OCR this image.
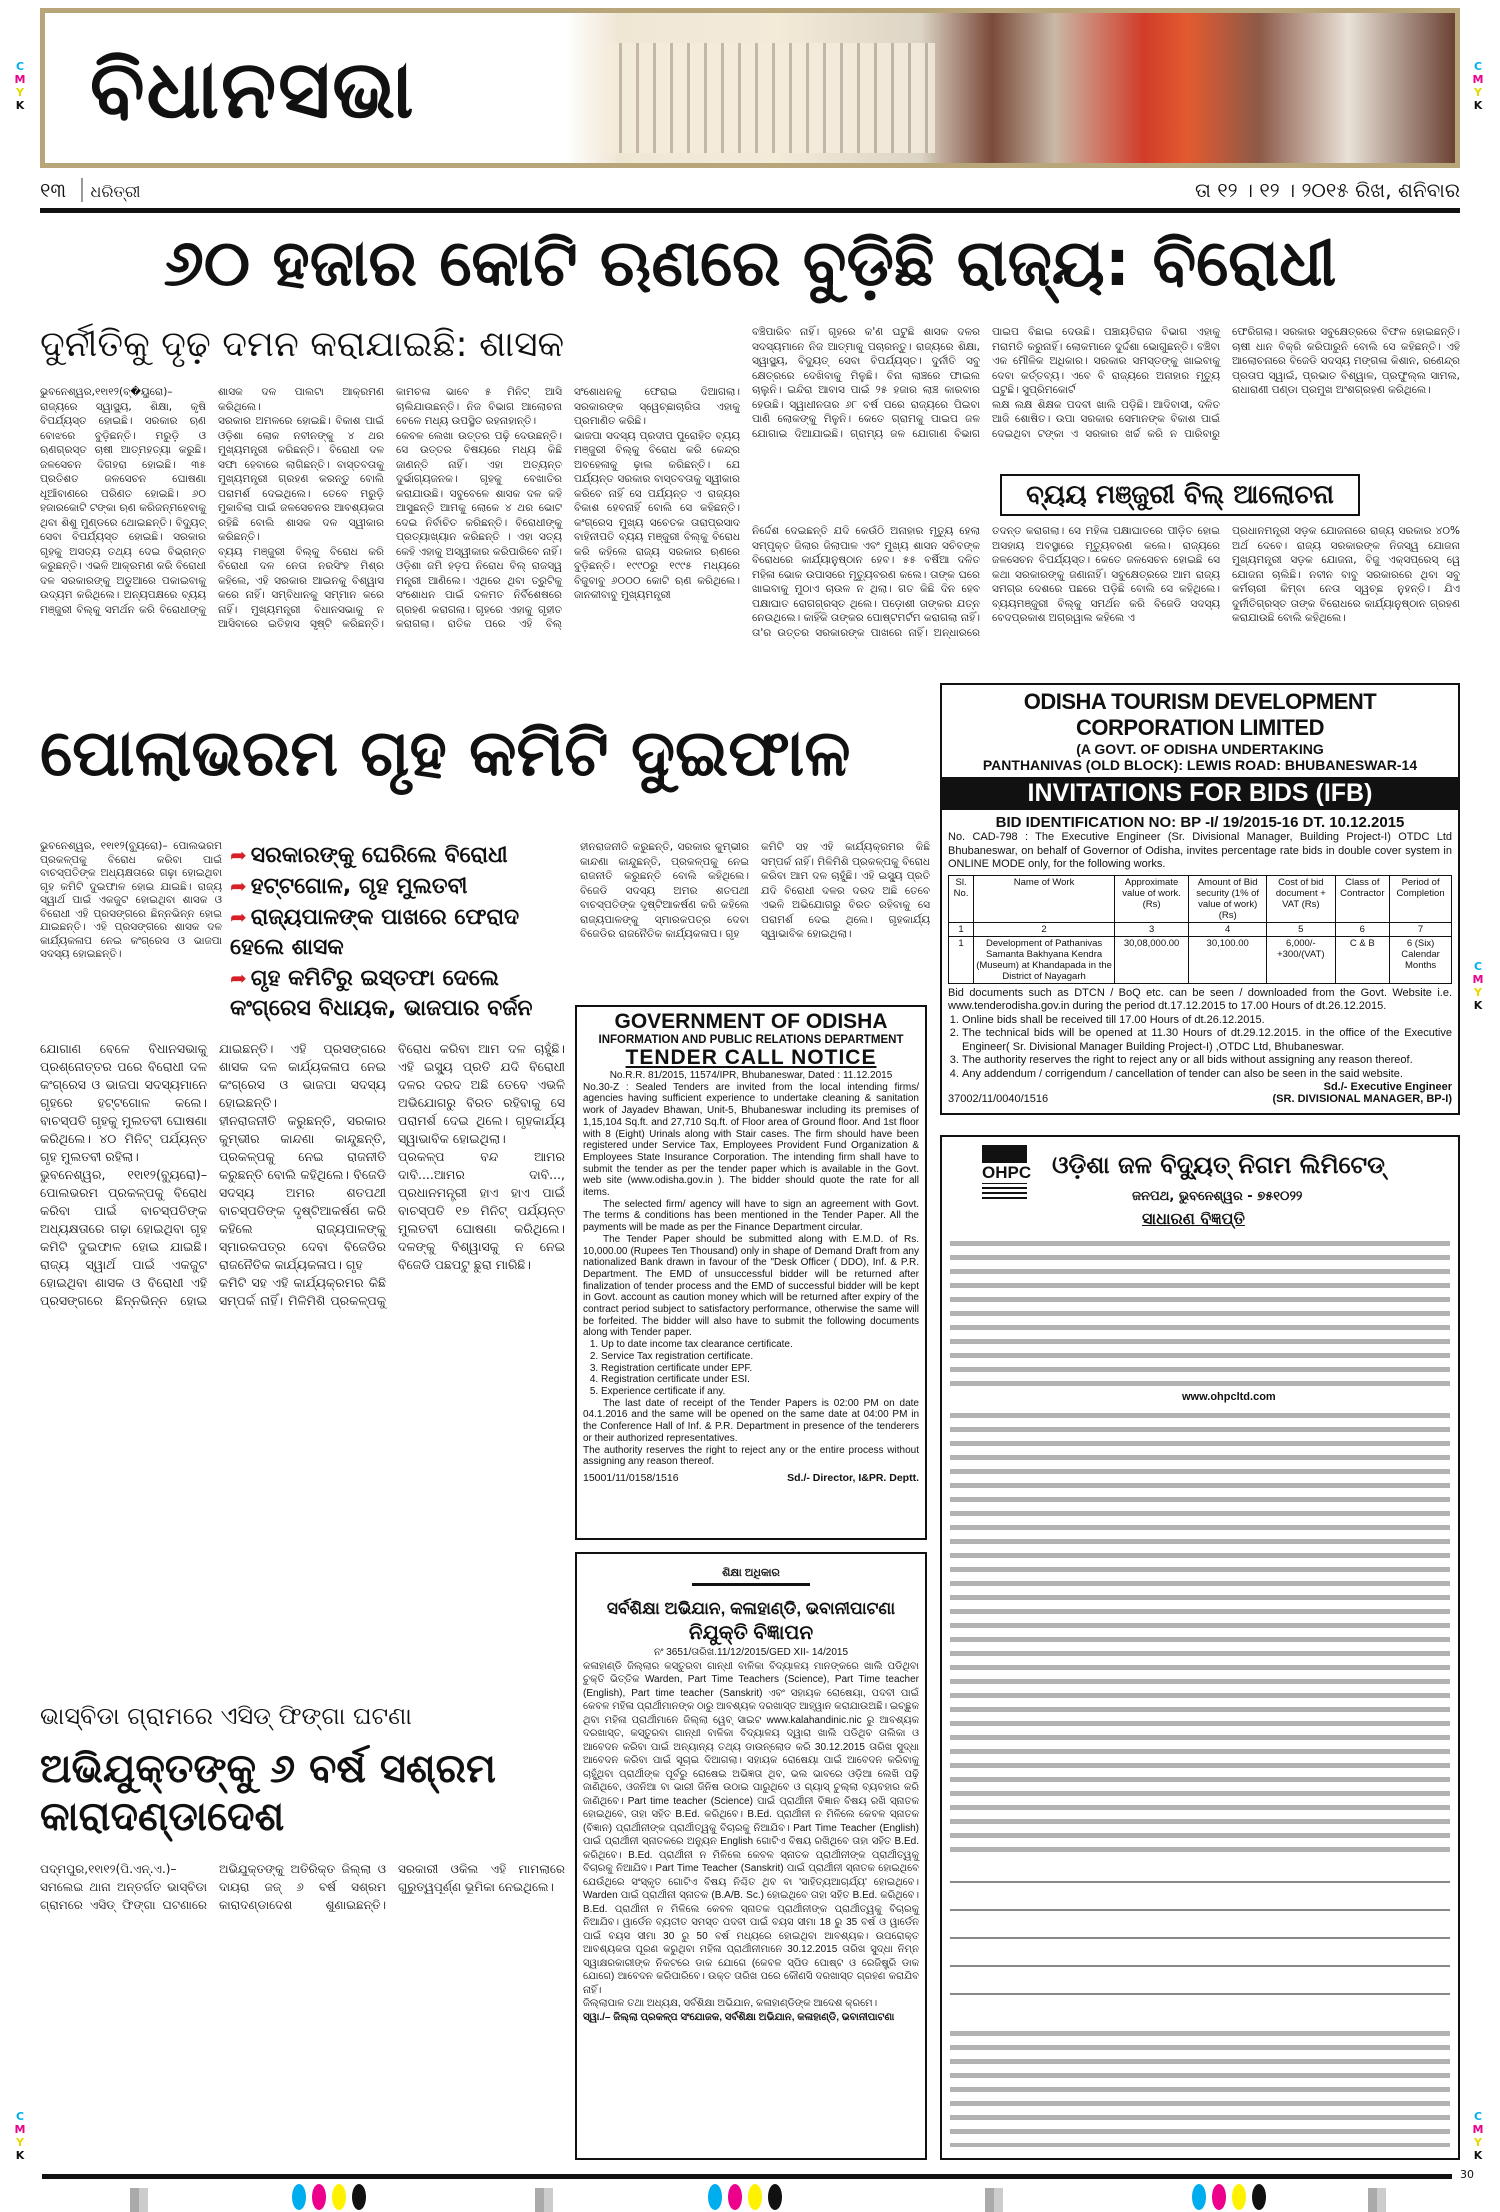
ବିଧାନସଭା
୧୩ ଧରିତ୍ରୀ	ତା ୧୨ । ୧୨ । ୨୦୧୫ ରିଖ, ଶନିବାର
୬୦ ହଜାର କୋଟି ଋଣରେ ବୁଡ଼ିଛି ରାଜ୍ୟ: ବିରୋଧୀ
ଦୁର୍ନୀତିକୁ ଦୃଢ଼ ଦମନ କରାଯାଇଛି: ଶାସକ

ଭୁବନେଶ୍ୱର,୧୧ା୧୨(ବ୍�ୟୁରୋ)–ରାଜ୍ୟରେ ସ୍ୱାସ୍ଥ୍ୟ, ଶିକ୍ଷା, କୃଷି ବିପର୍ଯ୍ୟସ୍ତ ହୋଇଛି। ସରକାର ଋଣ ବୋଝରେ ବୁଡ଼ିଛନ୍ତି। ମରୁଡ଼ି ଓ ଋଣଗ୍ରସ୍ତ ଚାଷୀ ଆତ୍ମହତ୍ୟା କରୁଛି। ଜଳସେଚନ ଦିଗହରା ହୋଇଛି। ୩୫ ପ୍ରତିଶତ ଜଳସେଚନ ଘୋଷଣା ଧୂଆଁବାଣରେ ପରିଣତ ହୋଇଛି। ୬୦ ହଜାରକୋଟି ଟଙ୍କା ଋଣ କରିଜନ୍ମହେବାକୁ ଥିବା ଶିଶୁ ମୁଣ୍ଡରେ ଥୋଇଛନ୍ତି। ବିଦ୍ୟୁତ୍ ସେବା ବିପର୍ଯ୍ୟସ୍ତ ହୋଇଛି। ସରକାର ଗୃହକୁ ଅସତ୍ୟ ତଥ୍ୟ ଦେଇ ବିଭ୍ରାନ୍ତ କରୁଛନ୍ତି। ଏଭଳି ଆକ୍ରମଣ କରି ବିରୋଧୀ ଦଳ ସରକାରଙ୍କୁ ଅଡୁଆରେ ପକାଇବାକୁ ଉଦ୍ୟମ କରିଥିଲେ। ଅନ୍ୟପକ୍ଷରେ ବ୍ୟୟ ମଞ୍ଜୁରୀ ବିଲ୍‌କୁ ସମର୍ଥନ କରି ବିରୋଧୀଙ୍କୁ ଶାସକ ଦଳ ପାଲଟା ଆକ୍ରମଣ କରିଥିଲେ।

ସରକାର ଅମଳରେ ହୋଇଛି। ବିକାଶ ପାଇଁ ଓଡ଼ିଶା ଲୋକ ନବୀନଙ୍କୁ ୪ ଥର ମୁଖ୍ୟମନ୍ତ୍ରୀ କରିଛନ୍ତି। ବିରୋଧୀ ଦଳ ସଫା ହେବାରେ ଲାଗିଛନ୍ତି। ବାସ୍ତବତାକୁ ମୁଖ୍ୟମନ୍ତ୍ରୀ ଗ୍ରହଣ କରନ୍ତୁ ବୋଲି ପରାମର୍ଶ ଦେଇଥିଲେ। ତେବେ ମରୁଡ଼ି ମୁକାବିଲା ପାଇଁ ଜଳସେଚନର ଆବଶ୍ୟକତା ରହିଛି ବୋଲି ଶାସକ ଦଳ ସ୍ୱୀକାର କରିଛନ୍ତି।

ବ୍ୟୟ ମଞ୍ଜୁରୀ ବିଲ୍‌କୁ ବିରୋଧ କରି ବିରୋଧୀ ଦଳ ନେତା ନରସିଂହ ମିଶ୍ର କହିଲେ, ଏହି ସରକାର ଆଇନକୁ ବିଶ୍ୱାସ କରେ ନାହିଁ। ସମ୍ବିଧାନକୁ ସମ୍ମାନ କରେ ନାହିଁ। ମୁଖ୍ୟମନ୍ତ୍ରୀ ବିଧାନସଭାକୁ ନ ଆସିବାରେ ଇତିହାସ ସୃଷ୍ଟି କରିଛନ୍ତି। କାମଚଳା ଭାବେ ୫ ମିନିଟ୍ ଆସି ଚାଲିଯାଉଛନ୍ତି। ନିଜ ବିଭାଗ ଆଲୋଚନା ବେଳେ ମଧ୍ୟ ଉପସ୍ଥିତ ରହନାହାନ୍ତି।

କେବଳ ଲେଖା ଉତ୍ତର ପଢ଼ି ଦେଉଛନ୍ତି। ସେ ଉତ୍ତର ବିଷୟରେ ମଧ୍ୟ କିଛି ଜାଣନ୍ତି ନାହିଁ। ଏହା ଅତ୍ୟନ୍ତ ଦୁର୍ଭାଗ୍ୟଜନକ। ଗୃହକୁ ବେଖାତିର କରାଯାଉଛି। ସବୁବେଳେ ଶାସକ ଦଳ କହି ଆସୁଛନ୍ତି ଆମକୁ ଲୋକେ ୪ ଥର ଭୋଟ ଦେଇ ନିର୍ବାଚିତ କରିଛନ୍ତି। ବିରୋଧୀଙ୍କୁ ପ୍ରତ୍ୟାଖ୍ୟାନ କରିଛନ୍ତି । ଏହା ସତ୍ୟ କେହି ଏହାକୁ ଅସ୍ୱୀକାର କରିପାରିବେ ନାହିଁ। ଓଡ଼ିଶା ଜମି ହଡ଼ପ ନିରୋଧ ବିଲ୍ ରାଜସ୍ୱ ମନ୍ତ୍ରୀ ଆଣିଲେ। ଏଥିରେ ଥିବା ତ୍ରୁଟିକୁ ସଂଶୋଧନ ପାଇଁ ଦଳମତ ନିର୍ବିଶେଷରେ ଗ୍ରହଣ କରାଗଲା। ଗୃହରେ ଏହାକୁ ଗୃହୀତ କରାଗଲା। ରାତିକ ପରେ ଏହି ବିଲ୍ ସଂଶୋଧନକୁ ଫେରାଇ ଦିଆଗଲା। ସରକାରଙ୍କ ସ୍ୱେଚ୍ଛାଚାରିତା ଏହାକୁ ପ୍ରମାଣିତ କରିଛି।

ଭାଜପା ସଦସ୍ୟ ପ୍ରଦୀପ ପୁରୋହିତ ବ୍ୟୟ ମଞ୍ଜୁରୀ ବିଲ୍‌କୁ ବିରୋଧ କରି କେନ୍ଦ୍ର ଅବହେଳାକୁ ଢ଼ାଲ କରିଛନ୍ତି। ଯେ ପର୍ଯ୍ୟନ୍ତ ସରକାର ବାସ୍ତବତାକୁ ସ୍ୱୀକାର କରିବେ ନାହିଁ ସେ ପର୍ଯ୍ୟନ୍ତ ଏ ରାଜ୍ୟର ବିକାଶ ହେବନାହିଁ ବୋଲି ସେ କହିଛନ୍ତି। କଂଗ୍ରେସ ମୁଖ୍ୟ ସଚେତକ ତାରାପ୍ରସାଦ ବାହିନୀପତି ବ୍ୟୟ ମଞ୍ଜୁରୀ ବିଲ୍‌କୁ ବିରୋଧ କରି କହିଲେ ରାଜ୍ୟ ସରକାର ଋଣରେ ବୁଡ଼ିଛନ୍ତି। ୧୯୯୦ରୁ ୧୯୯୫ ମଧ୍ୟରେ ବିଜୁବାବୁ ୬୦୦୦ କୋଟି ଋଣ କରିଥିଲେ। ଜାନକୀବାବୁ ମୁଖ୍ୟମନ୍ତ୍ରୀ

ବଞ୍ଚିପାରିବ ନାହିଁ। ଗୃହରେ କ'ଣ ଘଟୁଛି ଶାସକ ଦଳର ସଦସ୍ୟମାନେ ନିଜ ଆତ୍ମାକୁ ପଚାରନ୍ତୁ। ରାଜ୍ୟରେ ଶିକ୍ଷା, ସ୍ୱାସ୍ଥ୍ୟ, ବିଦ୍ୟୁତ୍ ସେବା ବିପର୍ଯ୍ୟସ୍ତ। ଦୁର୍ନୀତି ସବୁ କ୍ଷେତ୍ରରେ ଦେଖିବାକୁ ମିଳୁଛି। ବିନା ଲାଞ୍ଚରେ ଫାଇଲ ଚାଲୁନି। ଇନ୍ଦିରା ଆବାସ ପାଇଁ ୨୫ ହଜାର ଲାଞ୍ଚ କାରବାର ହେଉଛି। ସ୍ୱାଧୀନତାର ୬୮ ବର୍ଷ ପରେ ରାଜ୍ୟରେ ପିଇବା ପାଣି ଲୋକଙ୍କୁ ମିଳୁନି। କେତେ ଗ୍ରାମକୁ ପାଇପ ଜଳ ଯୋଗାଇ ଦିଆଯାଇଛି। ଗ୍ରାମ୍ୟ ଜଳ ଯୋଗାଣ ବିଭାଗ ପାଇପ ବିଛାଇ ଦେଉଛି। ପଞ୍ଚାୟତିରାଜ ବିଭାଗ ଏହାକୁ ମରାମତି କରୁନାହିଁ। ଲୋକମାନେ ଦୁର୍ଦ୍ଦଶା ଭୋଗୁଛନ୍ତି। ବଞ୍ଚିବା ଏକ ମୌଳିକ ଅଧିକାର। ସରକାର ସମସ୍ତଙ୍କୁ ଖାଇବାକୁ ଦେବା କର୍ତ୍ତବ୍ୟ। ଏବେ ବି ରାଜ୍ୟରେ ଅନାହାର ମୃତ୍ୟୁ ଘଟୁଛି। ସୁପ୍ରିମକୋର୍ଟ

ଲକ୍ଷ ଲକ୍ଷ ଶିକ୍ଷକ ପଦବୀ ଖାଲି ପଡ଼ିଛି। ଆଦିବାସୀ, ଦଳିତ ଆଜି ଶୋଷିତ। ଉପା ସରକାର ସେମାନଙ୍କ ବିକାଶ ପାଇଁ ଦେଇଥିବା ଟଙ୍କା ଏ ସରକାର ଖର୍ଚ୍ଚ କରି ନ ପାରିବାରୁ ଫେରିଗଲା। ସରକାର ସବୁକ୍ଷେତ୍ରରେ ବିଫଳ ହୋଇଛନ୍ତି। ଚାଷୀ ଧାନ ବିକ୍ରି କରିପାରୁନି ବୋଲି ସେ କହିଛନ୍ତି। ଏହି ଆଲୋଚନାରେ ବିଜେଡି ସଦସ୍ୟ ମଙ୍ଗଳା କିଶାନ, ରଣେନ୍ଦ୍ର ପ୍ରତାପ ସ୍ୱାଇଁ, ପ୍ରଭାତ ବିଶ୍ୱାଳ, ପ୍ରଫୁଲ୍ଲ ସାମଲ, ରାଧାରାଣୀ ପଣ୍ଡା ପ୍ରମୁଖ ଅଂଶଗ୍ରହଣ କରିଥିଲେ।

ବ୍ୟୟ ମଞ୍ଜୁରୀ ବିଲ୍ ଆଲୋଚନା

ନିର୍ଦ୍ଦେଶ ଦେଇଛନ୍ତି ଯଦି କେଉଁଠି ଅନାହାର ମୃତ୍ୟୁ ହେଲା ସମ୍ପୃକ୍ତ ଜିଲାର ଜିଲାପାଳ ଏବଂ ମୁଖ୍ୟ ଶାସନ ସଚିବଙ୍କ ବିରୋଧରେ କାର୍ଯ୍ୟାନୁଷ୍ଠାନ ହେବ। ୫୫ ବର୍ଷିଆ ଦଳିତ ମହିଳା ଭୋକ ଉପାସରେ ମୃତ୍ୟୁବରଣ କଲେ। ତାଙ୍କ ଘରେ ଖାଇବାକୁ ମୁଠାଏ ଚାଉଳ ନ ଥିଲା। ଗତ କିଛି ଦିନ ହେବ ପକ୍ଷାଘାତ ରୋଗଗ୍ରସ୍ତ ଥିଲେ। ପଡ଼ୋଶୀ ତାଙ୍କର ଯତ୍ନ ନେଉଥିଲେ। କାହିଁକି ତାଙ୍କର ପୋଷ୍ଟମର୍ଟମ କରାଗଲା ନାହିଁ। ତା'ର ଉତ୍ତର ସରକାରଙ୍କ ପାଖରେ ନାହିଁ। ଅନ୍ଧାରରେ ତଦନ୍ତ କରାଗଲା। ସେ ମହିଳା ପକ୍ଷାଘାତରେ ପୀଡ଼ିତ ହୋଇ ଅସହାୟ ଅବସ୍ଥାରେ ମୃତ୍ୟୁବରଣ କଲେ। ରାଜ୍ୟରେ ଜଳସେଚନ ବିପର୍ଯ୍ୟସ୍ତ। କେତେ ଜଳସେଚନ ହୋଇଛି ସେ କଥା ସରକାରଙ୍କୁ ଜଣାନାହିଁ। ସବୁକ୍ଷେତ୍ରରେ ଆମ ରାଜ୍ୟ ସମଗ୍ର ଦେଶରେ ପଛରେ ପଡ଼ିଛି ବୋଲି ସେ କହିଥିଲେ। ବ୍ୟୟମଞ୍ଜୁରୀ ବିଲ୍‌କୁ ସମର୍ଥନ କରି ବିଜେଡି ସଦସ୍ୟ ବେଦପ୍ରକାଶ ଅଗ୍ରୱାଲ କହିଲେ ଏ

ପ୍ରଧାନମନ୍ତ୍ରୀ ସଡ଼କ ଯୋଜନାରେ ରାଜ୍ୟ ସରକାର ୪୦% ଅର୍ଥ ଦେବେ। ରାଜ୍ୟ ସରକାରଙ୍କ ନିଜସ୍ୱ ଯୋଜନା ମୁଖ୍ୟମନ୍ତ୍ରୀ ସଡ଼କ ଯୋଜନା, ବିଜୁ ଏକ୍ସପ୍ରେସ୍ ୱେ ଯୋଜନା ଚାଲିଛି। ନବୀନ ବାବୁ ସରକାରରେ ଥିବା ସବୁ କର୍ମଚାରୀ କିମ୍ବା ନେତା ସ୍ୱଚ୍ଛ ନୁହନ୍ତି। ଯିଏ ଦୁର୍ନୀତିଗ୍ରସ୍ତ ତାଙ୍କ ବିରୋଧରେ କାର୍ଯ୍ୟାନୁଷ୍ଠାନ ଗ୍ରହଣ କରାଯାଉଛି ବୋଲି କହିଥିଲେ।

ପୋଲାଭରମ ଗୃହ କମିଟି ଦୁଇଫାଳ
ଭୁବନେଶ୍ୱର, ୧୧ା୧୨(ବ୍ୟୁରୋ)– ପୋଲଭରମ ପ୍ରକଳ୍ପକୁ ବିରୋଧ କରିବା ପାଇଁ ବାଚସ୍ପତିଙ୍କ ଅଧ୍ୟକ୍ଷତାରେ ଗଢ଼ା ହୋଇଥିବା ଗୃହ କମିଟି ଦୁଇଫାଳ ହୋଇ ଯାଇଛି। ରାଜ୍ୟ ସ୍ୱାର୍ଥ ପାଇଁ ଏକଜୁଟ ହୋଇଥିବା ଶାସକ ଓ ବିରୋଧୀ ଏହି ପ୍ରସଙ୍ଗରେ ଛିନ୍ନଭିନ୍ନ ହୋଇ ଯାଇଛନ୍ତି। ଏହି ପ୍ରସଙ୍ଗରେ ଶାସକ ଦଳ କାର୍ଯ୍ୟକଳାପ ନେଇ କଂଗ୍ରେସ ଓ ଭାଜପା ସଦସ୍ୟ ହୋଇଛନ୍ତି।
➦ ସରକାରଙ୍କୁ ଘେରିଲେ ବିରୋଧୀ
➦ ହଟ୍ଟଗୋଳ, ଗୃହ ମୁଲତବୀ
➦ ରାଜ୍ୟପାଳଙ୍କ ପାଖରେ ଫେରାଦ ହେଲେ ଶାସକ
➦ ଗୃହ କମିଟିରୁ ଇସ୍ତଫା ଦେଲେ କଂଗ୍ରେସ ବିଧାୟକ, ଭାଜପାର ବର୍ଜନ

ହୀନରାଜନୀତି କରୁଛନ୍ତି, ସରକାର କୁମ୍ଭୀର କାନ୍ଦଣା କାନ୍ଦୁଛନ୍ତି, ପ୍ରକଳ୍ପକୁ ନେଇ ରାଜନୀତି କରୁଛନ୍ତି ବୋଲି କହିଥିଲେ। ବିଜେଡି ସଦସ୍ୟ ଅମର ଶତପଥୀ ବାଚସ୍ପତିଙ୍କ ଦୃଷ୍ଟିଆକର୍ଷଣ କରି କହିଲେ ରାଜ୍ୟପାଳଙ୍କୁ ସ୍ମାରକପତ୍ର ଦେବା ବିଜେଡିର ରାଜନୈତିକ କାର୍ଯ୍ୟକଳାପ। ଗୃହ

କମିଟି ସହ ଏହି କାର୍ଯ୍ୟକ୍ରମର କିଛି ସମ୍ପର୍କ ନାହିଁ। ମିଳିମିଶି ପ୍ରକଳ୍ପକୁ ବିରୋଧ କରିବା ଆମ ଦଳ ଚାହୁଁଛି। ଏହି ଇସ୍ୟୁ ପ୍ରତି ଯଦି ବିରୋଧୀ ଦଳର ଦରଦ ଅଛି ତେବେ ଏଭଳି ଅଭିଯୋଗରୁ ବିରତ ରହିବାକୁ ସେ ପରାମର୍ଶ ଦେଇ ଥିଲେ। ଗୃହକାର୍ଯ୍ୟ ସ୍ୱାଭାବିକ ହୋଇଥିଲା।

ଯୋଗାଣ ବେଳେ ବିଧାନସଭାକୁ ପ୍ରଶ୍ନୋତ୍ତର ପରେ ବିରୋଧୀ ଦଳ କଂଗ୍ରେସ ଓ ଭାଜପା ସଦସ୍ୟମାନେ ଗୃହରେ ହଟ୍ଟଗୋଳ କଲେ। ବାଚସ୍ପତି ଗୃହକୁ ମୁଲତବୀ ଘୋଷଣା କରିଥିଲେ। ୪୦ ମିନିଟ୍ ପର୍ଯ୍ୟନ୍ତ ଗୃହ ମୁଲତବୀ ରହିଲା।

ଭୁବନେଶ୍ୱର, ୧୧ା୧୨(ବ୍ୟୁରୋ)– ପୋଲଭରମ ପ୍ରକଳ୍ପକୁ ବିରୋଧ କରିବା ପାଇଁ ବାଚସ୍ପତିଙ୍କ ଅଧ୍ୟକ୍ଷତାରେ ଗଢ଼ା ହୋଇଥିବା ଗୃହ କମିଟି ଦୁଇଫାଳ ହୋଇ ଯାଇଛି। ରାଜ୍ୟ ସ୍ୱାର୍ଥ ପାଇଁ ଏକଜୁଟ ହୋଇଥିବା ଶାସକ ଓ ବିରୋଧୀ ଏହି ପ୍ରସଙ୍ଗରେ ଛିନ୍ନଭିନ୍ନ ହୋଇ ଯାଇଛନ୍ତି। ଏହି ପ୍ରସଙ୍ଗରେ ଶାସକ ଦଳ କାର୍ଯ୍ୟକଳାପ ନେଇ କଂଗ୍ରେସ ଓ ଭାଜପା ସଦସ୍ୟ ହୋଇଛନ୍ତି।

ହୀନରାଜନୀତି କରୁଛନ୍ତି, ସରକାର କୁମ୍ଭୀର କାନ୍ଦଣା କାନ୍ଦୁଛନ୍ତି, ପ୍ରକଳ୍ପକୁ ନେଇ ରାଜନୀତି କରୁଛନ୍ତି ବୋଲି କହିଥିଲେ। ବିଜେଡି ସଦସ୍ୟ ଅମର ଶତପଥୀ ବାଚସ୍ପତିଙ୍କ ଦୃଷ୍ଟିଆକର୍ଷଣ କରି କହିଲେ ରାଜ୍ୟପାଳଙ୍କୁ ସ୍ମାରକପତ୍ର ଦେବା ବିଜେଡିର ରାଜନୈତିକ କାର୍ଯ୍ୟକଳାପ। ଗୃହ

କମିଟି ସହ ଏହି କାର୍ଯ୍ୟକ୍ରମର କିଛି ସମ୍ପର୍କ ନାହିଁ। ମିଳିମିଶି ପ୍ରକଳ୍ପକୁ ବିରୋଧ କରିବା ଆମ ଦଳ ଚାହୁଁଛି। ଏହି ଇସ୍ୟୁ ପ୍ରତି ଯଦି ବିରୋଧୀ ଦଳର ଦରଦ ଅଛି ତେବେ ଏଭଳି ଅଭିଯୋଗରୁ ବିରତ ରହିବାକୁ ସେ ପରାମର୍ଶ ଦେଇ ଥିଲେ। ଗୃହକାର୍ଯ୍ୟ ସ୍ୱାଭାବିକ ହୋଇଥିଲା।

ପ୍ରକଳ୍ପ ବନ୍ଦ ଆମର ଦାବି....ଆମର ଦାବି..., ପ୍ରଧାନମନ୍ତ୍ରୀ ହାଏ ହାଏ ପାଇଁ ବାଚସ୍ପତି ୧୭ ମିନିଟ୍ ପର୍ଯ୍ୟନ୍ତ ମୁଲତବୀ ଘୋଷଣା କରିଥିଲେ। ଦଳଙ୍କୁ ବିଶ୍ୱାସକୁ ନ ନେଇ ବିଜେଡି ପଛପଟୁ ଛୁରା ମାରିଛି।

ଭାସ୍‌ବିଡା ଗ୍ରାମରେ ଏସିଡ୍ ଫିଙ୍ଗା ଘଟଣା
ଅଭିଯୁକ୍ତଙ୍କୁ ୬ ବର୍ଷ ସଶ୍ରମ କାରାଦଣ୍ଡାଦେଶ
ପଦ୍ମପୁର,୧୧ା୧୨(ପି.ଏନ୍.ଏ.)– ସମଲେଇ ଥାନା ଅନ୍ତର୍ଗତ ଭାସ୍‌ବିଡା ଗ୍ରାମରେ ଏସିଡ୍ ଫିଙ୍ଗା ଘଟଣାରେ ଅଭିଯୁକ୍ତଙ୍କୁ ଅତିରିକ୍ତ ଜିଲ୍ଲା ଓ ଦାୟରା ଜଜ୍ ୬ ବର୍ଷ ସଶ୍ରମ କାରାଦଣ୍ଡାଦେଶ ଶୁଣାଇଛନ୍ତି। ସରକାରୀ ଓକିଲ ଏହି ମାମଲାରେ ଗୁରୁତ୍ୱପୂର୍ଣ୍ଣ ଭୂମିକା ନେଇଥିଲେ।
ODISHA TOURISM DEVELOPMENT CORPORATION LIMITED
(A GOVT. OF ODISHA UNDERTAKING
PANTHANIVAS (OLD BLOCK): LEWIS ROAD: BHUBANESWAR-14
INVITATIONS FOR BIDS (IFB)
BID IDENTIFICATION NO: BP -I/ 19/2015-16 DT. 10.12.2015

No. CAD-798 : The Executive Engineer (Sr. Divisional Manager, Building Project-I) OTDC Ltd Bhubaneswar, on behalf of Governor of Odisha, invites percentage rate bids in double cover system in ONLINE MODE only, for the following works.

Sl. No.	Name of Work	Approximate value of work. (Rs)	Amount of Bid security (1% of value of work) (Rs)	Cost of bid document + VAT (Rs)	Class of Contractor	Period of Completion
1	2	3	4	5	6	7
1	Development of Pathanivas Samanta Bakhyana Kendra (Museum) at Khandapada in the District of Nayagarh	30,08,000.00	30,100.00	6,000/- +300/(VAT)	C & B	6 (Six) Calendar Months

Bid documents such as DTCN / BoQ etc. can be seen / downloaded from the Govt. Website i.e. www.tenderodisha.gov.in during the period dt.17.12.2015 to 17.00 Hours of dt.26.12.2015.

1. Online bids shall be received till 17.00 Hours of dt.26.12.2015.
2. The technical bids will be opened at 11.30 Hours of dt.29.12.2015. in the office of the Executive Engineer( Sr. Divisional Manager Building Project-I) ,OTDC Ltd, Bhubaneswar.
3. The authority reserves the right to reject any or all bids without assigning any reason thereof.
4. Any addendum / corrigendum / cancellation of tender can also be seen in the said website.
Sd./- Executive Engineer
37002/11/0040/1516	(SR. DIVISIONAL MANAGER, BP-I)
GOVERNMENT OF ODISHA
INFORMATION AND PUBLIC RELATIONS DEPARTMENT
TENDER CALL NOTICE

No.R.R. 81/2015, 11574/IPR, Bhubaneswar, Dated : 11.12.2015

No.30-Z : Sealed Tenders are invited from the local intending firms/ agencies having sufficient experience to undertake cleaning & sanitation work of Jayadev Bhawan, Unit-5, Bhubaneswar including its premises of 1,15,104 Sq.ft. and 27,710 Sq.ft. of Floor area of Ground floor. And 1st floor with 8 (Eight) Urinals along with Stair cases. The firm should have been registered under Service Tax, Employees Provident Fund Organization & Employees State Insurance Corporation. The intending firm shall have to submit the tender as per the tender paper which is available in the Govt. web site (www.odisha.gov.in ). The bidder should quote the rate for all items.

The selected firm/ agency will have to sign an agreement with Govt. The terms & conditions has been mentioned in the Tender Paper. All the payments will be made as per the Finance Department circular.

The Tender Paper should be submitted along with E.M.D. of Rs. 10,000.00 (Rupees Ten Thousand) only in shape of Demand Draft from any nationalized Bank drawn in favour of the "Desk Officer ( DDO), Inf. & P.R. Department. The EMD of unsuccessful bidder will be returned after finalization of tender process and the EMD of successful bidder will be kept in Govt. account as caution money which will be returned after expiry of the contract period subject to satisfactory performance, otherwise the same will be forfeited. The bidder will also have to submit the following documents along with Tender paper.

1. Up to date income tax clearance certificate.
2. Service Tax registration certificate.
3. Registration certificate under EPF.
4. Registration certificate under ESI.
5. Experience certificate if any.

The last date of receipt of the Tender Papers is 02:00 PM on date 04.1.2016 and the same will be opened on the same date at 04:00 PM in the Conference Hall of Inf. & P.R. Department in presence of the tenderers or their authorized representatives.

The authority reserves the right to reject any or the entire process without assigning any reason thereof.

15001/11/0158/1516	Sd./- Director, I&PR. Deptt.
ଶିକ୍ଷା ଅଧିକାର
ସର୍ବଶିକ୍ଷା ଅଭିଯାନ, କଳାହାଣ୍ଡି, ଭବାନୀପାଟଣା
ନିଯୁକ୍ତି ବିଜ୍ଞାପନ

ନଂ 3651/ତାରିଖ.11/12/2015/GED XII- 14/2015

କଳାହାଣ୍ଡି ଜିଲ୍ଲାର କସ୍ତୁରବା ଗାନ୍ଧୀ ବାଳିକା ବିଦ୍ୟାଳୟ ମାନଙ୍କରେ ଖାଲି ପଡିଥିବା ଚୁକ୍ତି ଭିତ୍ତିକ Warden, Part Time Teachers (Science), Part Time teacher (English), Part time teacher (Sanskrit) ଏବଂ ସହାୟକ ରୋଷେୟା, ପଦବୀ ପାଇଁ କେବଳ ମହିଳା ପ୍ରାର୍ଥୀମାନଙ୍କ ଠାରୁ ଆବଶ୍ୟକ ଦରଖାସ୍ତ ଆହ୍ୱାନ କରାଯାଉଅଛି। ଇଚ୍ଛୁକ ଥିବା ମହିଳା ପ୍ରାର୍ଥୀମାନେ ଜିଲ୍ଲା ୱେବ୍ ସାଇଟ www.kalahandinic.nic ରୁ ଆବଶ୍ୟକ ଦରଖାସ୍ତ, କସ୍ତୁରବା ଗାନ୍ଧୀ ବାଳିକା ବିଦ୍ୟାଳୟ ଦ୍ୱାରା ଖାଲି ପଡିଥିବ ତାଲିକା ଓ ଆବେଦନ କରିବା ପାଇଁ ଅନ୍ୟାନ୍ୟ ତଥ୍ୟ ଡାଉନ୍‌ଲୋଡ କରି 30.12.2015 ତାରିଖ ସୁଦ୍ଧା ଆବେଦନ କରିବା ପାଇଁ ସୂଚାଇ ଦିଆଗଲା। ସହାୟକ ରୋଷେୟା ପାଇଁ ଆବେଦନ କରିବାକୁ ଚାହୁଁଥିବା ପ୍ରାର୍ଥୀଙ୍କ ପୂର୍ବରୁ ରୋଷେଇ ଅଭିଜ୍ଞତା ଥିବ, ଭଲ ଭାବରେ ଓଡ଼ିଆ ଲେଖି ପଢ଼ି ଜାଣିଥିବେ, ଓଜନିଆ ବା ଭାରୀ ଜିନିଷ ଉଠାଇ ପାରୁଥିବେ ଓ ଗ୍ୟାସ୍ ଚୁଲ୍ଲା ବ୍ୟବହାର କରି ଜାଣିଥିବେ। Part time teacher (Science) ପାଇଁ ପ୍ରାର୍ଥୀନୀ ବିଜ୍ଞାନ ବିଷୟ ରଖି ସ୍ନାତକ ହୋଇଥିବେ, ତାହା ସହିତ B.Ed. କରିଥିବେ। B.Ed. ପ୍ରାର୍ଥୀନୀ ନ ମିଳିଲେ କେବଳ ସ୍ନାତକ (ବିଜ୍ଞାନ) ପ୍ରାର୍ଥୀନୀଙ୍କ ପ୍ରାର୍ଥୀତ୍ୱକୁ ବିଚାରକୁ ନିଆଯିବ। Part Time Teacher (English) ପାଇଁ ପ୍ରାର୍ଥୀନୀ ସ୍ନାତକରେ ଅନ୍ୟୁନ English ଗୋଟିଏ ବିଷୟ ରଖିଥିବେ ତାହା ସହିତ B.Ed. କରିଥିବେ। B.Ed. ପ୍ରାର୍ଥୀନୀ ନ ମିଳିଲେ କେବଳ ସ୍ନାତକ ପ୍ରାର୍ଥୀନୀଙ୍କ ପ୍ରାର୍ଥୀତ୍ୱକୁ ବିଚାରକୁ ନିଆଯିବ। Part Time Teacher (Sanskrit) ପାଇଁ ପ୍ରାର୍ଥୀନୀ ସ୍ନାତକ ହୋଇଥିବେ ଯେଉଁଥିରେ ସଂସ୍କୃତ ଗୋଟିଏ ବିଷୟ ନିଶ୍ଚିତ ଥିବ ବା 'ସାହିତ୍ୟଆଚାର୍ଯ୍ୟ' ହୋଇଥିବେ। Warden ପାଇଁ ପ୍ରାର୍ଥୀନୀ ସ୍ନାତକ (B.A/B. Sc.) ହୋଇଥିବେ ତାହା ସହିତ B.Ed. କରିଥିବେ। B.Ed. ପ୍ରାର୍ଥୀନୀ ନ ମିଳିଲେ କେବଳ ସ୍ନାତକ ପ୍ରାର୍ଥୀନୀଙ୍କ ପ୍ରାର୍ଥୀତ୍ୱକୁ ବିଚାରକୁ ନିଆଯିବ। ୱାର୍ଡେନ ବ୍ୟତୀତ ସମସ୍ତ ପଦବୀ ପାଇଁ ବୟସ ସୀମା 18 ରୁ 35 ବର୍ଷ ଓ ୱାର୍ଡେନ ପାଇଁ ବୟସ ସୀମା 30 ରୁ 50 ବର୍ଷ ମଧ୍ୟରେ ହୋଇଥିବା ଆବଶ୍ୟକ। ଉପରୋକ୍ତ ଆବଶ୍ୟକତା ପୂରଣ କରୁଥିବା ମହିଳା ପ୍ରାର୍ଥୀନୀମାନେ 30.12.2015 ତାରିଖ ସୁଦ୍ଧା ନିମ୍ନ ସ୍ୱାକ୍ଷରକାରୀଙ୍କ ନିକଟରେ ଡାକ ଯୋଗେ (କେବଳ ସ୍ପିଡ ପୋଷ୍ଟ ଓ ରେଜିଷ୍ଟ୍ରି ଡାକ ଯୋଗେ) ଆବେଦନ କରିପାରିବେ। ଉକ୍ତ ତାରିଖ ପରେ କୌଣସି ଦରଖାସ୍ତ ଗ୍ରହଣ କରାଯିବ ନାହିଁ।

ଜିଲ୍ଲାପାଳ ତଥା ଅଧ୍ୟକ୍ଷ, ସର୍ବଶିକ୍ଷା ଅଭିଯାନ, କଳାହାଣ୍ଡିଙ୍କ ଆଦେଶ କ୍ରମେ।

ସ୍ୱା./– ଜିଲ୍ଲା ପ୍ରକଳ୍ପ ସଂଯୋଜକ, ସର୍ବଶିକ୍ଷା ଅଭିଯାନ, କଳାହାଣ୍ଡି, ଭବାନୀପାଟଣା

OHPC ଓଡ଼ିଶା ଜଳ ବିଦ୍ୟୁତ୍ ନିଗମ ଲିମିଟେଡ୍
ଜନପଥ, ଭୁବନେଶ୍ୱର - ୭୫୧୦୨୨
ସାଧାରଣ ବିଜ୍ଞପ୍ତି
www.ohpcltd.com
30
C
M
Y
K
C
M
Y
K
C
M
Y
K
C
M
Y
K
C
M
Y
K
